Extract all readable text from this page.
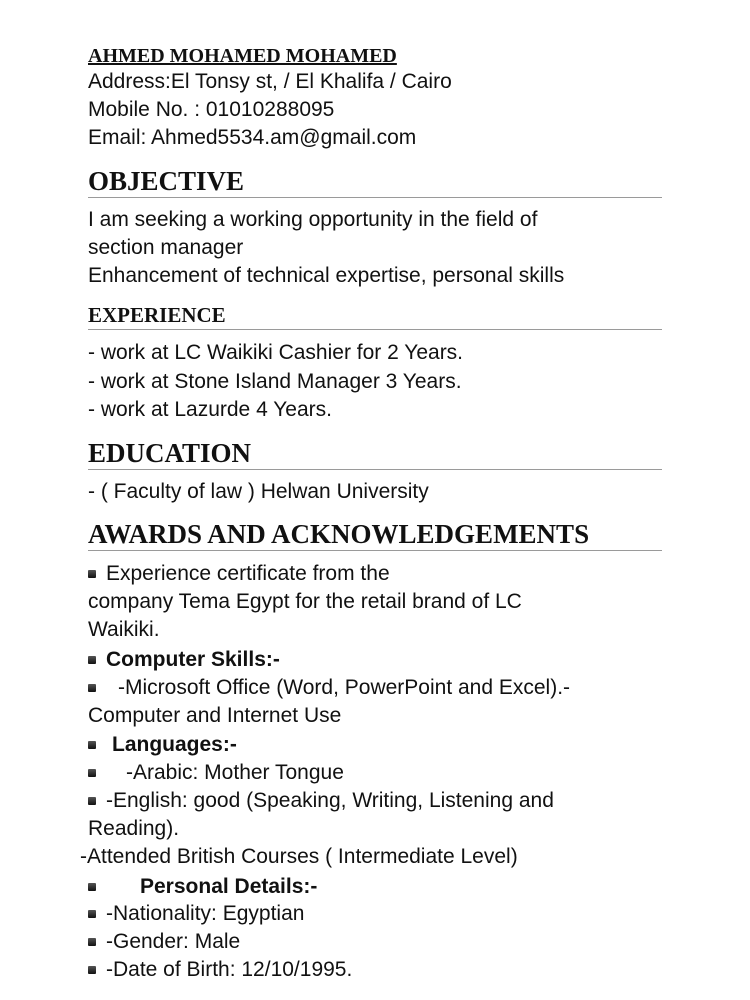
AHMED MOHAMED MOHAMED
Address:El Tonsy st, / El Khalifa / Cairo
Mobile No. : 01010288095
Email: Ahmed5534.am@gmail.com
OBJECTIVE
I am seeking a working opportunity in the field of
section manager
Enhancement of technical expertise, personal skills
EXPERIENCE
- work at LC Waikiki Cashier for 2 Years.
- work at Stone Island Manager 3 Years.
- work at Lazurde 4 Years.
EDUCATION
- ( Faculty of law ) Helwan University
AWARDS AND ACKNOWLEDGEMENTS
Experience certificate from the
company Tema Egypt for the retail brand of LC
Waikiki.
Computer Skills:-
-Microsoft Office (Word, PowerPoint and Excel).-
Computer and Internet Use
Languages:-
-Arabic: Mother Tongue
-English: good (Speaking, Writing, Listening and
Reading).
-Attended British Courses ( Intermediate Level)
Personal Details:-
-Nationality: Egyptian
-Gender: Male
-Date of Birth: 12/10/1995.
